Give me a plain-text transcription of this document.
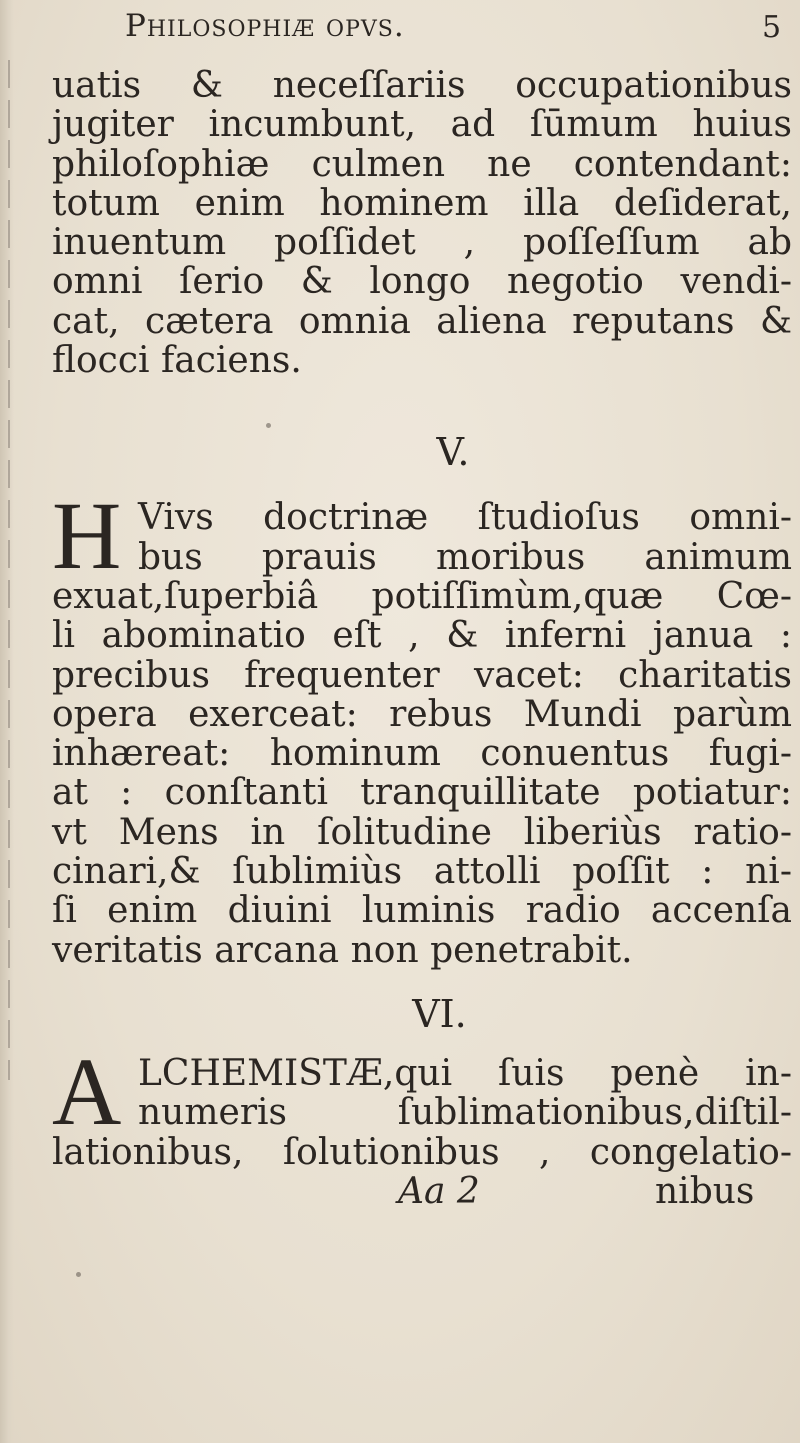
Philosophiæ opvs.	5
uatis & neceſſariis occupationibus
jugiter incumbunt, ad ſūmum huius
philoſophiæ culmen ne contendant:
totum enim hominem illa deſiderat,
inuentum poſſidet , poſſeſſum ab
omni ſerio & longo negotio vendi-
cat, cætera omnia aliena reputans &
flocci faciens.
V.
H Vivs doctrinæ ſtudioſus omni-
bus prauis moribus animum
exuat,ſuperbiâ potiſſimùm,quæ Cœ-
li abominatio eſt , & inferni janua :
precibus frequenter vacet: charitatis
opera exerceat: rebus Mundi parùm
inhæreat: hominum conuentus fugi-
at : conſtanti tranquillitate potiatur:
vt Mens in ſolitudine liberiùs ratio-
cinari,& ſublimiùs attolli poſſit : ni-
ſi enim diuini luminis radio accenſa
veritatis arcana non penetrabit.
VI.
A LCHEMISTÆ,qui ſuis penè in-
numeris ſublimationibus,diſtil-
lationibus, ſolutionibus , congelatio-
Aa 2	nibus
